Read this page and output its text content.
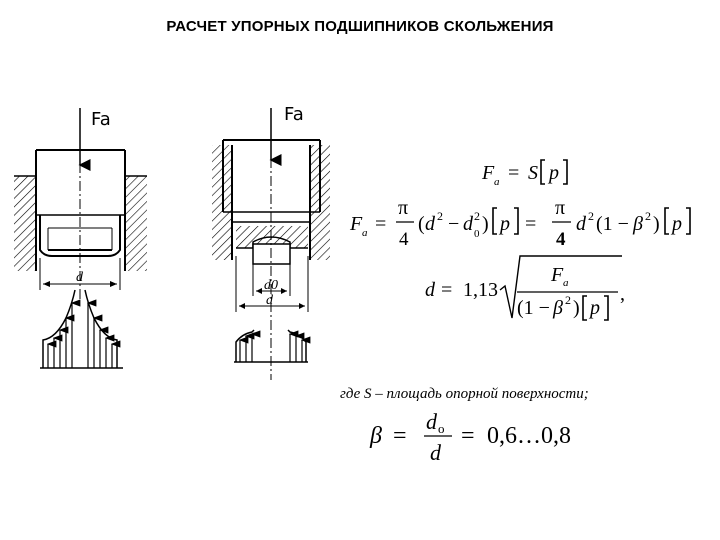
РАСЧЕТ УПОРНЫХ ПОДШИПНИКОВ СКОЛЬЖЕНИЯ
Fa	Fa
d
d0
d
F a = S p
F a =
π
4
( d 2 − d 0
2 ) p =
π
4
d 2 (1 − β 2 ) p
d = 1,13
F a
(1 − β 2 ) p
,
β =
d o
d
= 0,6…0,8
где S – площадь опорной поверхности;
